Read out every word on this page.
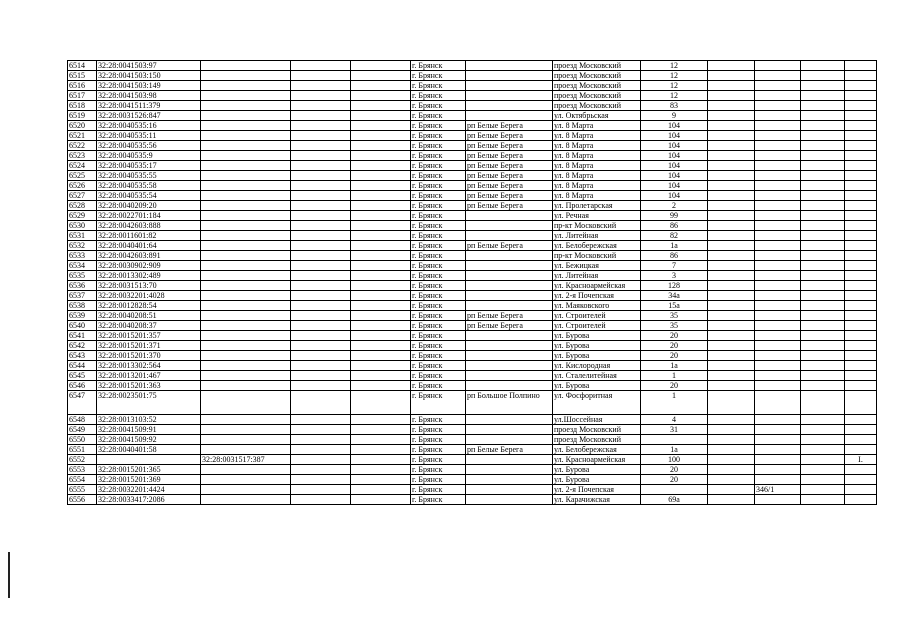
6514	32:28:0041503:97				г. Брянск		проезд Московский	12				
6515	32:28:0041503:150				г. Брянск		проезд Московский	12				
6516	32:28:0041503:149				г. Брянск		проезд Московский	12				
6517	32:28:0041503:98				г. Брянск		проезд Московский	12				
6518	32:28:0041511:379				г. Брянск		проезд Московский	83				
6519	32:28:0031526:847				г. Брянск		ул. Октябрьская	9				
6520	32:28:0040535:16				г. Брянск	рп Белые Берега	ул. 8 Марта	104				
6521	32:28:0040535:11				г. Брянск	рп Белые Берега	ул. 8 Марта	104				
6522	32:28:0040535:56				г. Брянск	рп Белые Берега	ул. 8 Марта	104				
6523	32:28:0040535:9				г. Брянск	рп Белые Берега	ул. 8 Марта	104				
6524	32:28:0040535:17				г. Брянск	рп Белые Берега	ул. 8 Марта	104				
6525	32:28:0040535:55				г. Брянск	рп Белые Берега	ул. 8 Марта	104				
6526	32:28:0040535:58				г. Брянск	рп Белые Берега	ул. 8 Марта	104				
6527	32:28:0040535:54				г. Брянск	рп Белые Берега	ул. 8 Марта	104				
6528	32:28:0040209:20				г. Брянск	рп Белые Берега	ул. Пролетарская	2				
6529	32:28:0022701:184				г. Брянск		ул. Речная	99				
6530	32:28:0042603:888				г. Брянск		пр-кт Московский	86				
6531	32:28:0011601:82				г. Брянск		ул. Литейная	82				
6532	32:28:0040401:64				г. Брянск	рп Белые Берега	ул. Белобережская	1а				
6533	32:28:0042603:891				г. Брянск		пр-кт Московский	86				
6534	32:28:0030902:909				г. Брянск		ул. Бежицкая	7				
6535	32:28:0013302:489				г. Брянск		ул. Литейная	3				
6536	32:28:0031513:70				г. Брянск		ул. Красноармейская	128				
6537	32:28:0032201:4028				г. Брянск		ул. 2-я Почепская	34а				
6538	32:28:0012828:54				г. Брянск		ул. Маяковского	15а				
6539	32:28:0040208:51				г. Брянск	рп Белые Берега	ул. Строителей	35				
6540	32:28:0040208:37				г. Брянск	рп Белые Берега	ул. Строителей	35				
6541	32:28:0015201:357				г. Брянск		ул. Бурова	20				
6542	32:28:0015201:371				г. Брянск		ул. Бурова	20				
6543	32:28:0015201:370				г. Брянск		ул. Бурова	20				
6544	32:28:0013302:564				г. Брянск		ул. Кислородная	1а				
6545	32:28:0013201:467				г. Брянск		ул. Сталелитейная	1				
6546	32:28:0015201:363				г. Брянск		ул. Бурова	20				
6547	32:28:0023501:75				г. Брянск	рп Большое Полпино	ул. Фосфоритная	1				
6548	32:28:0013103:52				г. Брянск		ул.Шоссейная	4				
6549	32:28:0041509:91				г. Брянск		проезд Московский	31				
6550	32:28:0041509:92				г. Брянск		проезд Московский					
6551	32:28:0040401:58				г. Брянск	рп Белые Берега	ул. Белобережская	1а				
6552		32:28:0031517:387			г. Брянск		ул. Красноармейская	100				I.
6553	32:28:0015201:365				г. Брянск		ул. Бурова	20				
6554	32:28:0015201:369				г. Брянск		ул. Бурова	20				
6555	32:28:0032201:4424				г. Брянск		ул. 2-я Почепская			346/1		
6556	32:28:0033417:2086				г. Брянск		ул. Карачижская	69а				
